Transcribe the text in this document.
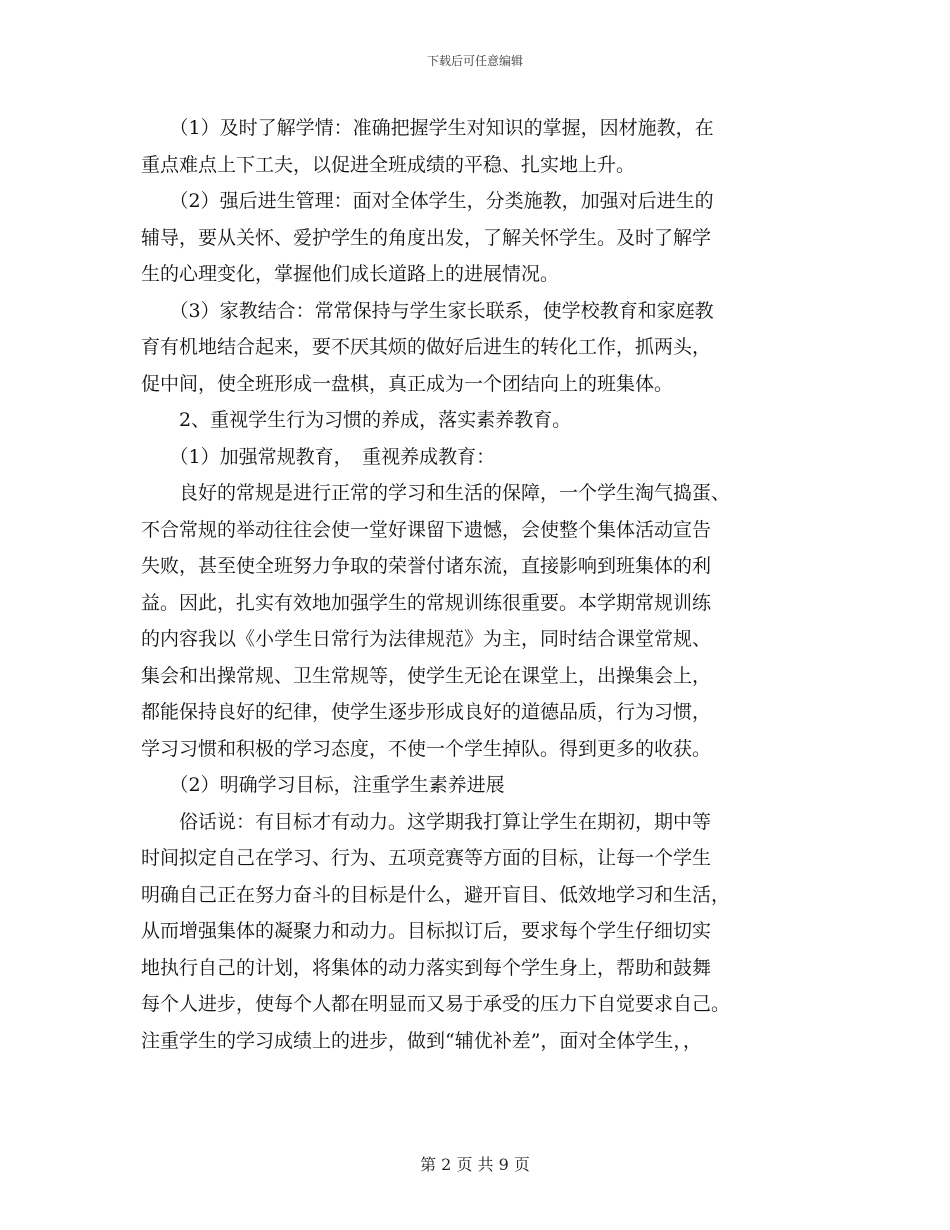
下载后可任意编辑
　　（1）及时了解学情：准确把握学生对知识的掌握，因材施教，在
重点难点上下工夫，以促进全班成绩的平稳、扎实地上升。
　　（2）强后进生管理：面对全体学生，分类施教，加强对后进生的
辅导，要从关怀、爱护学生的角度出发，了解关怀学生。及时了解学
生的心理变化，掌握他们成长道路上的进展情况。
　　（3）家教结合：常常保持与学生家长联系，使学校教育和家庭教
育有机地结合起来，要不厌其烦的做好后进生的转化工作，抓两头，
促中间，使全班形成一盘棋，真正成为一个团结向上的班集体。
　　2、重视学生行为习惯的养成，落实素养教育。
　　（1）加强常规教育，　重视养成教育：
　　良好的常规是进行正常的学习和生活的保障，一个学生淘气捣蛋、
不合常规的举动往往会使一堂好课留下遗憾，会使整个集体活动宣告
失败，甚至使全班努力争取的荣誉付诸东流，直接影响到班集体的利
益。因此，扎实有效地加强学生的常规训练很重要。本学期常规训练
的内容我以《小学生日常行为法律规范》为主，同时结合课堂常规、
集会和出操常规、卫生常规等，使学生无论在课堂上，出操集会上，
都能保持良好的纪律，使学生逐步形成良好的道德品质，行为习惯，
学习习惯和积极的学习态度，不使一个学生掉队。得到更多的收获。
　　（2）明确学习目标，注重学生素养进展
　　俗话说：有目标才有动力。这学期我打算让学生在期初，期中等
时间拟定自己在学习、行为、五项竞赛等方面的目标，让每一个学生
明确自己正在努力奋斗的目标是什么，避开盲目、低效地学习和生活，
从而增强集体的凝聚力和动力。目标拟订后，要求每个学生仔细切实
地执行自己的计划，将集体的动力落实到每个学生身上，帮助和鼓舞
每个人进步，使每个人都在明显而又易于承受的压力下自觉要求自己。
注重学生的学习成绩上的进步，做到“辅优补差”，面对全体学生，，
第 2 页 共 9 页
